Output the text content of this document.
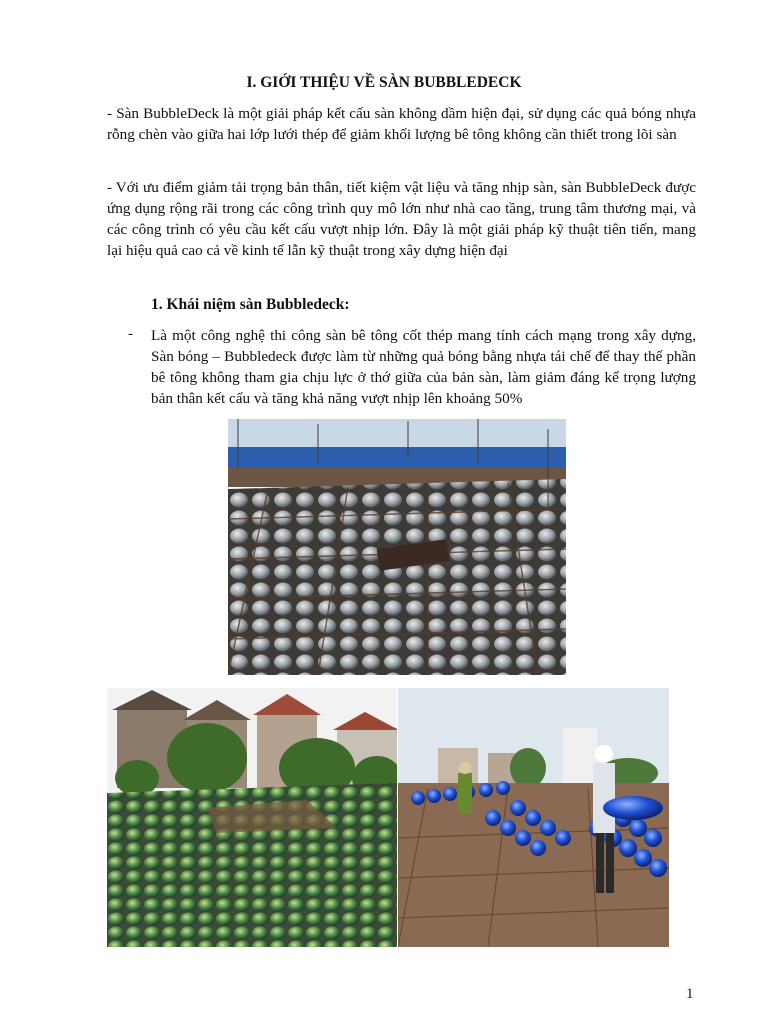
I. GIỚI THIỆU VỀ SÀN BUBBLEDECK

- Sàn BubbleDeck là một giải pháp kết cấu sàn không dầm hiện đại, sử dụng các quả bóng nhựa rỗng chèn vào giữa hai lớp lưới thép để giảm khối lượng bê tông không cần thiết trong lõi sàn

- Với ưu điểm giảm tải trọng bản thân, tiết kiệm vật liệu và tăng nhịp sàn, sàn BubbleDeck được ứng dụng rộng rãi trong các công trình quy mô lớn như nhà cao tầng, trung tâm thương mại, và các công trình có yêu cầu kết cấu vượt nhịp lớn. Đây là một giải pháp kỹ thuật tiên tiến, mang lại hiệu quả cao cả về kinh tế lẫn kỹ thuật trong xây dựng hiện đại

1. Khái niệm sàn Bubbledeck:
- Là một công nghệ thi công sàn bê tông cốt thép mang tính cách mạng trong xây dựng, Sàn bóng – Bubbledeck được làm từ những quả bóng bằng nhựa tái chế để thay thế phần bê tông không tham gia chịu lực ở thớ giữa của bản sàn, làm giảm đáng kể trọng lượng bản thân kết cấu và tăng khả năng vượt nhịp lên khoảng 50%

1
